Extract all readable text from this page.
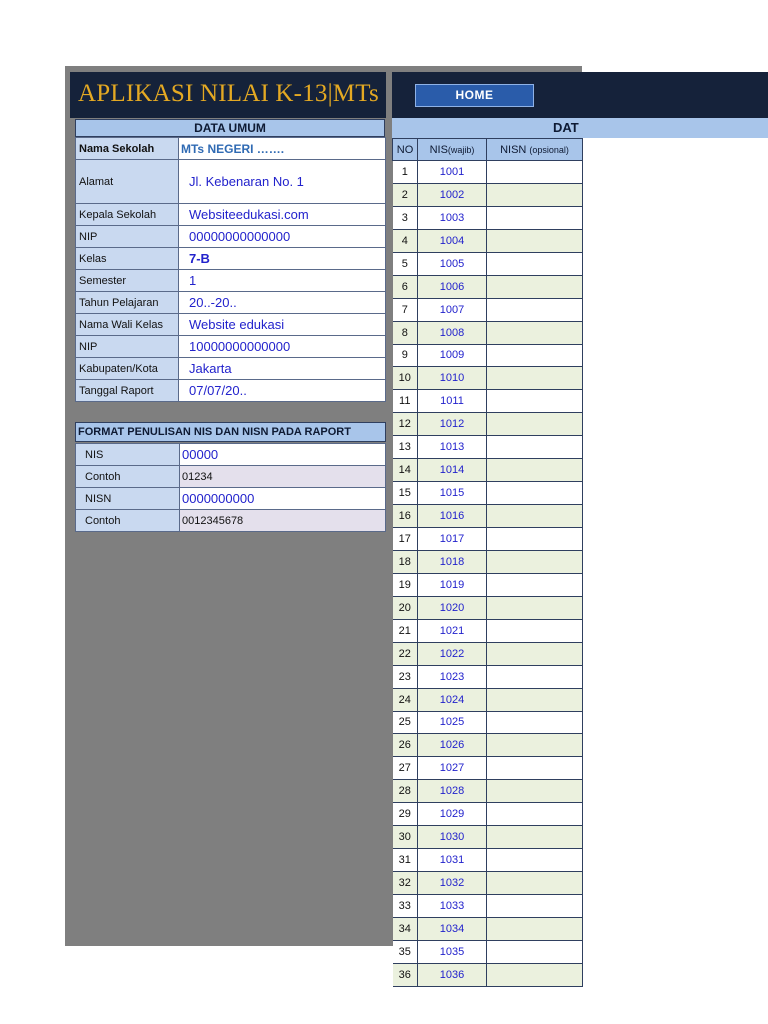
APLIKASI NILAI K-13|MTs	HOME
DAT
DATA UMUM
Nama Sekolah	MTs NEGERI …….
Alamat	Jl. Kebenaran No. 1
Kepala Sekolah	Websiteedukasi.com
NIP	00000000000000
Kelas	7-B
Semester	1
Tahun Pelajaran	20..-20..
Nama Wali Kelas	Website edukasi
NIP	10000000000000
Kabupaten/Kota	Jakarta
Tanggal Raport	07/07/20..
FORMAT PENULISAN NIS DAN NISN PADA RAPORT
NIS	00000
Contoh	01234
NISN	0000000000
Contoh	0012345678
NO	NIS(wajib)	NISN (opsional)
1	1001	
2	1002	
3	1003	
4	1004	
5	1005	
6	1006	
7	1007	
8	1008	
9	1009	
10	1010	
11	1011	
12	1012	
13	1013	
14	1014	
15	1015	
16	1016	
17	1017	
18	1018	
19	1019	
20	1020	
21	1021	
22	1022	
23	1023	
24	1024	
25	1025	
26	1026	
27	1027	
28	1028	
29	1029	
30	1030	
31	1031	
32	1032	
33	1033	
34	1034	
35	1035	
36	1036	
